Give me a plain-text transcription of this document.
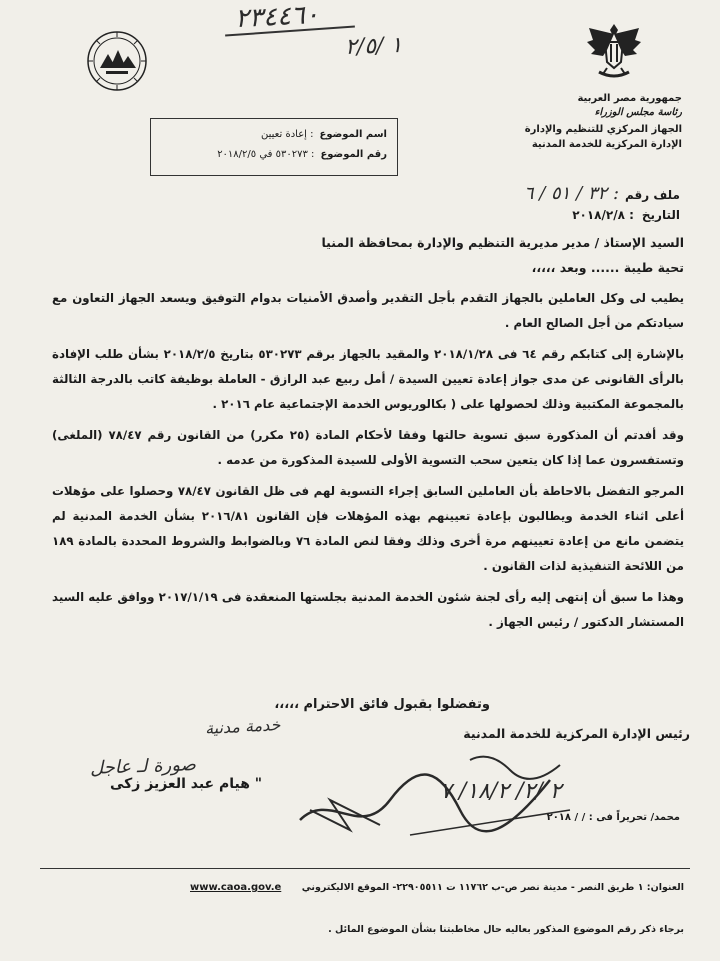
٢٣٤٤٦٠
١ /٢/٥
جمهورية مصر العربية
رئاسة مجلس الوزراء
الجهاز المركزي للتنظيم والإدارة
الإدارة المركزية للخدمة المدنية
اسم الموضوع
: إعادة تعيين
رقم الموضوع
: ٥٣٠٢٧٣ في ٢٠١٨/٢/٥
ملف رقم
: ٣٢ / ٥١ / ٦
التاريخ
: ٢٠١٨/٢/٨

السيد الإستاذ / مدير مديرية التنظيم والإدارة بمحافظة المنيا

تحية طيبة ...... وبعد ،،،،،

يطيب لى وكل العاملين بالجهاز التقدم بأجل التقدير وأصدق الأمنيات بدوام التوفيق ويسعد الجهاز التعاون مع سيادتكم من أجل الصالح العام .

بالإشارة إلى كتابكم رقم ٦٤ فى ٢٠١٨/١/٢٨ والمقيد بالجهاز برقم ٥٣٠٢٧٣ بتاريخ ٢٠١٨/٢/٥ بشأن طلب الإفادة بالرأى القانونى عن مدى جواز إعادة تعيين السيدة / أمل ربيع عبد الرازق - العاملة بوظيفة كاتب بالدرجة الثالثة بالمجموعة المكتبية وذلك لحصولها على ( بكالوريوس الخدمة الإجتماعية عام ٢٠١٦ .

وقد أفدتم أن المذكورة سبق تسوية حالتها وفقا لأحكام المادة (٢٥ مكرر) من القانون رقم ٧٨/٤٧ (الملغى) وتستفسرون عما إذا كان يتعين سحب التسوية الأولى للسيدة المذكورة من عدمه .

المرجو التفضل بالاحاطة بأن العاملين السابق إجراء التسوية لهم فى ظل القانون ٧٨/٤٧ وحصلوا على مؤهلات أعلى اثناء الخدمة ويطالبون بإعادة تعيينهم بهذه المؤهلات فإن القانون ٢٠١٦/٨١ بشأن الخدمة المدنية لم يتضمن مانع من إعادة تعيينهم مرة أخرى وذلك وفقا لنص المادة ٧٦ وبالضوابط والشروط المحددة بالمادة ١٨٩ من اللائحة التنفيذية لذات القانون .

وهذا ما سبق أن إنتهى إليه رأى لجنة شئون الخدمة المدنية بجلستها المنعقدة فى ٢٠١٧/١/١٩ ووافق عليه السيد المستشار الدكتور / رئيس الجهاز .

وتفضلوا بقبول فائق الاحترام ،،،،،
خدمة مدنية	رئيس الإدارة المركزية للخدمة المدنية
صورة لـ عاجل
" هيام عبد العزيز زكى	٢ /٢/ ١٨/٢/ ٧
محمد/ تحريراً فى : / / ٢٠١٨
العنوان: ١ طريق النصر - مدينة نصر ص-ب ١١٧٦٢ ت ٢٢٩٠٥٥١١- الموقع الاليكتروني
www.caoa.gov.e
برجاء ذكر رقم الموضوع المذكور بعاليه حال مخاطبتنا بشأن الموضوع المائل .
